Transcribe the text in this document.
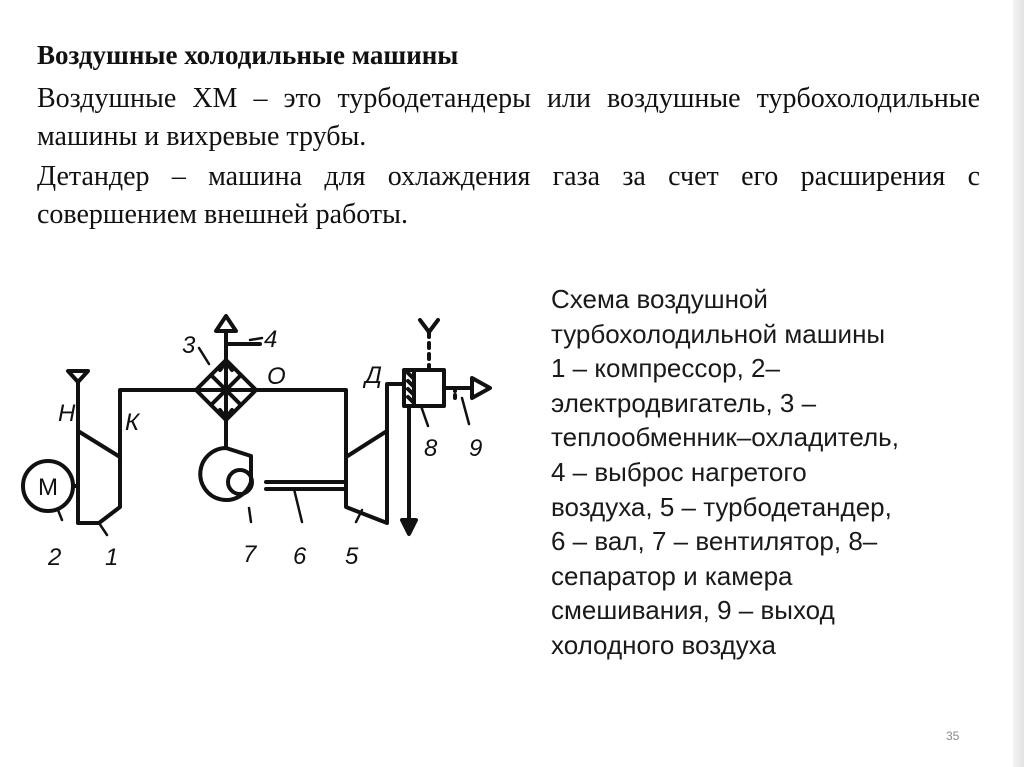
Воздушные холодильные машины
Воздушные ХМ – это турбодетандеры или воздушные турбохолодильные машины и вихревые трубы.
Детандер – машина для охлаждения газа за счет его расширения с совершением внешней работы.
М
Н К
О	Д
3	4
2 1	7 6 5
8 9
Схема воздушной
турбохолодильной машины
1 – компрессор, 2–
электродвигатель, 3 –
теплообменник–охладитель,
4 – выброс нагретого
воздуха, 5 – турбодетандер,
6 – вал, 7 – вентилятор, 8–
сепаратор и камера
смешивания, 9 – выход
холодного воздуха
35
